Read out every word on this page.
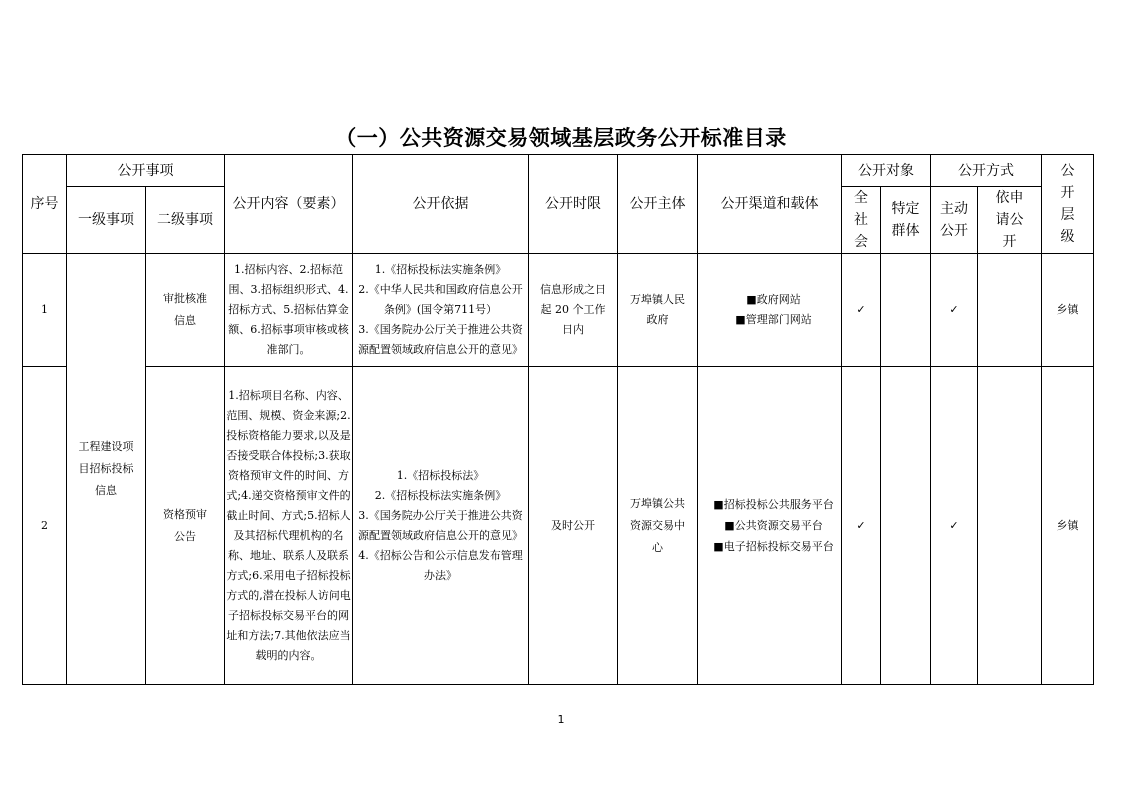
（一）公共资源交易领域基层政务公开标准目录
序号	公开事项		公开内容（要素）	公开依据	公开时限	公开主体	公开渠道和载体	公开对象		公开方式		公开层级
	一级事项	二级事项						全社会	特定群体	主动公开	依申请公开	

1	工程建设项目招标投标信息	审批核准信息	1.招标内容、2.招标范围、3.招标组织形式、4.招标方式、5.招标估算金额、6.招标事项审核或核准部门。	1.《招标投标法实施条例》
2.《中华人民共和国政府信息公开条例》(国令第711号）
3.《国务院办公厅关于推进公共资源配置领域政府信息公开的意见》	信息形成之日起 20 个工作日内	万埠镇人民政府	■政府网站
■管理部门网站	✓		✓		乡镇
2		资格预审公告	1.招标项目名称、内容、范围、规模、资金来源;2.投标资格能力要求,以及是否接受联合体投标;3.获取资格预审文件的时间、方式;4.递交资格预审文件的截止时间、方式;5.招标人及其招标代理机构的名称、地址、联系人及联系方式;6.采用电子招标投标方式的,潜在投标人访问电子招标投标交易平台的网址和方法;7.其他依法应当载明的内容。	1.《招标投标法》
2.《招标投标法实施条例》
3.《国务院办公厅关于推进公共资源配置领域政府信息公开的意见》
4.《招标公告和公示信息发布管理办法》	及时公开	万埠镇公共资源交易中心	■招标投标公共服务平台
■公共资源交易平台
■电子招标投标交易平台	✓		✓		乡镇
1
